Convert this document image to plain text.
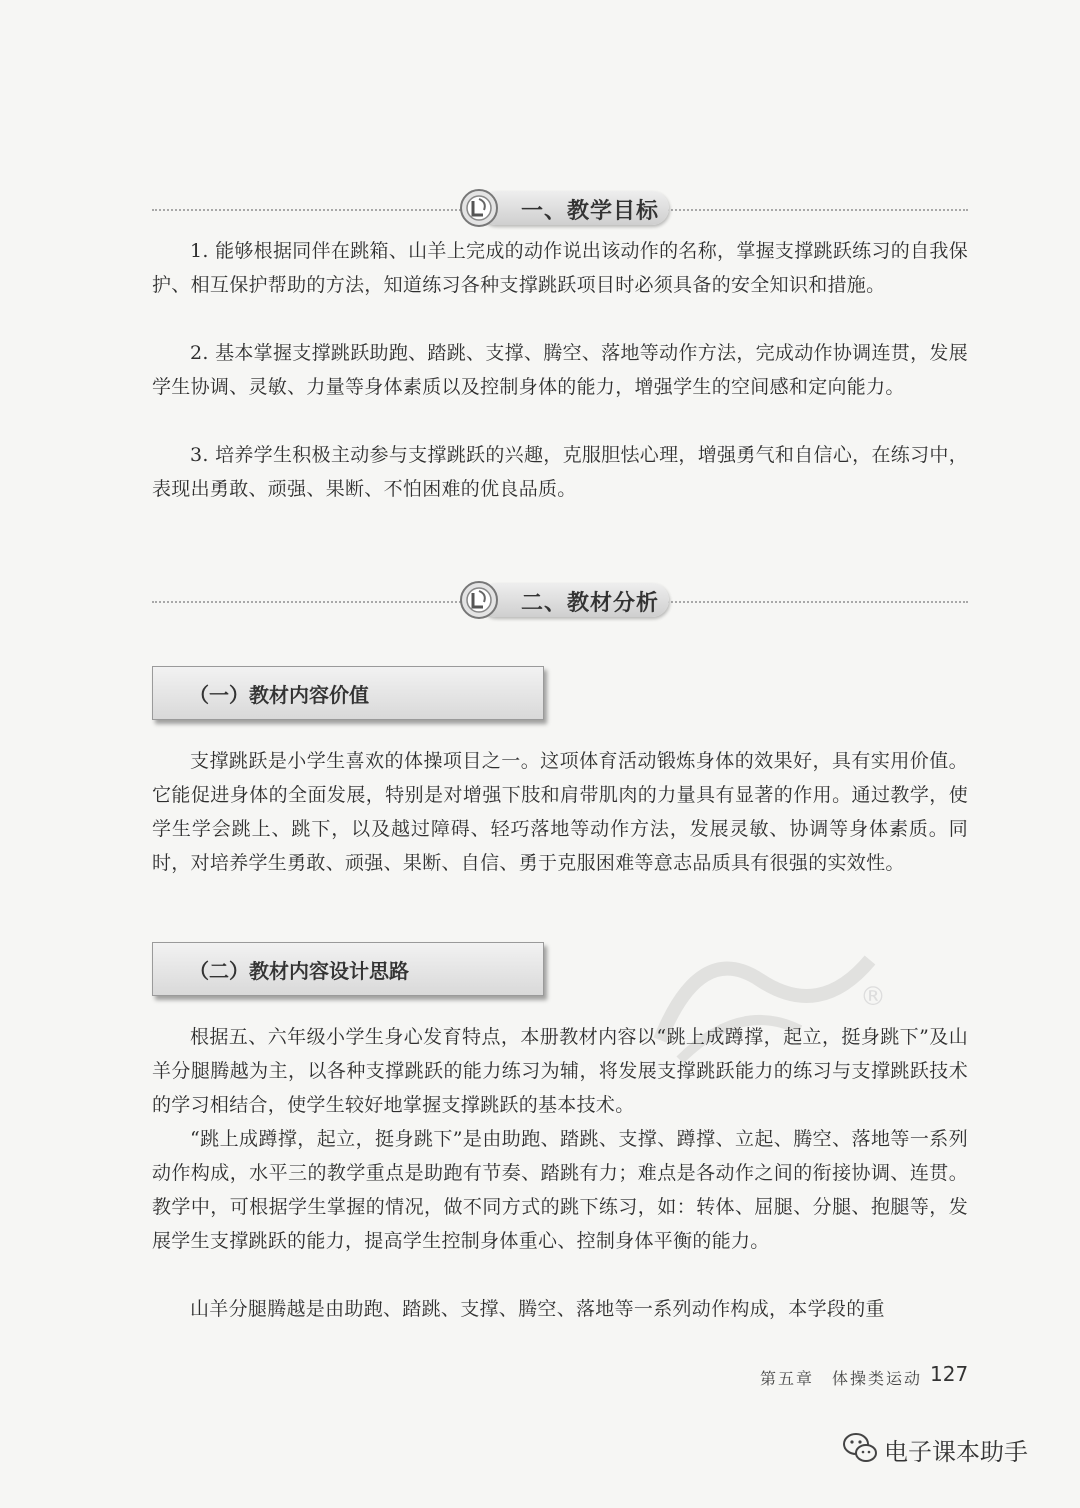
一、教学目标

1. 能够根据同伴在跳箱、山羊上完成的动作说出该动作的名称，掌握支撑跳跃练习的自我保护、相互保护帮助的方法，知道练习各种支撑跳跃项目时必须具备的安全知识和措施。

2. 基本掌握支撑跳跃助跑、踏跳、支撑、腾空、落地等动作方法，完成动作协调连贯，发展学生协调、灵敏、力量等身体素质以及控制身体的能力，增强学生的空间感和定向能力。

3. 培养学生积极主动参与支撑跳跃的兴趣，克服胆怯心理，增强勇气和自信心，在练习中，表现出勇敢、顽强、果断、不怕困难的优良品质。

二、教材分析
（一）教材内容价值

支撑跳跃是小学生喜欢的体操项目之一。这项体育活动锻炼身体的效果好，具有实用价值。它能促进身体的全面发展，特别是对增强下肢和肩带肌肉的力量具有显著的作用。通过教学，使学生学会跳上、跳下，以及越过障碍、轻巧落地等动作方法，发展灵敏、协调等身体素质。同时，对培养学生勇敢、顽强、果断、自信、勇于克服困难等意志品质具有很强的实效性。

（二）教材内容设计思路
®

根据五、六年级小学生身心发育特点，本册教材内容以“跳上成蹲撑，起立，挺身跳下”及山羊分腿腾越为主，以各种支撑跳跃的能力练习为辅，将发展支撑跳跃能力的练习与支撑跳跃技术的学习相结合，使学生较好地掌握支撑跳跃的基本技术。

“跳上成蹲撑，起立，挺身跳下”是由助跑、踏跳、支撑、蹲撑、立起、腾空、落地等一系列动作构成，水平三的教学重点是助跑有节奏、踏跳有力；难点是各动作之间的衔接协调、连贯。教学中，可根据学生掌握的情况，做不同方式的跳下练习，如：转体、屈腿、分腿、抱腿等，发展学生支撑跳跃的能力，提高学生控制身体重心、控制身体平衡的能力。

山羊分腿腾越是由助跑、踏跳、支撑、腾空、落地等一系列动作构成，本学段的重

第五章　体操类运动 127
电子课本助手
